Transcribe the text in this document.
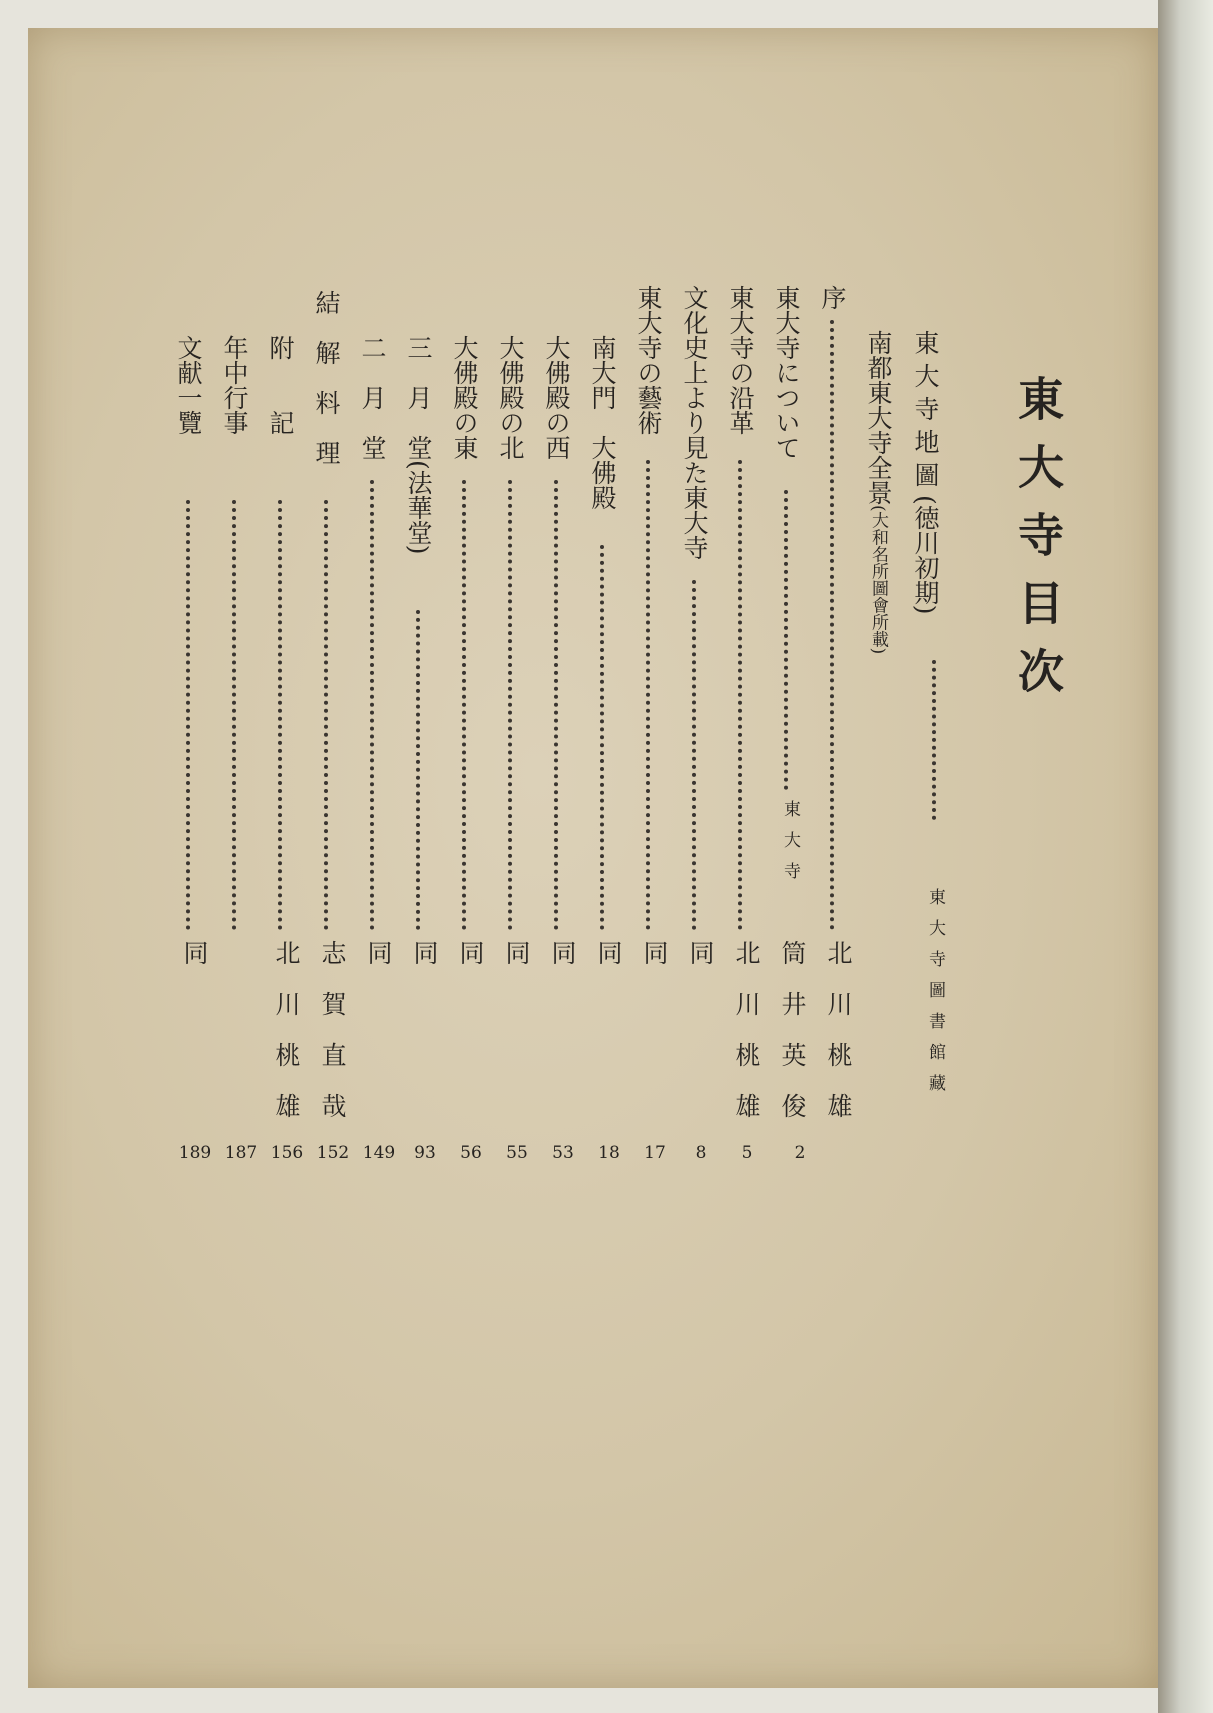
東大寺目次
東大寺地圖(徳川初期)
東大寺圖書館藏
南都東大寺全景(大和名所圖會所載)
序
北川桃雄
東大寺について
東大寺
筒井英俊
2
東大寺の沿革
北川桃雄
5
文化史上より見た東大寺
同
8
東大寺の藝術
同
17
南大門　大佛殿
同
18
大佛殿の西
同
53
大佛殿の北
同
55
大佛殿の東
同
56
三　月　堂(法華堂)
同
93
二　月　堂
同
149
結　解　料　理
志賀直哉
152
附　　記
北川桃雄
156
年中行事
187
文献一覽
同
189
